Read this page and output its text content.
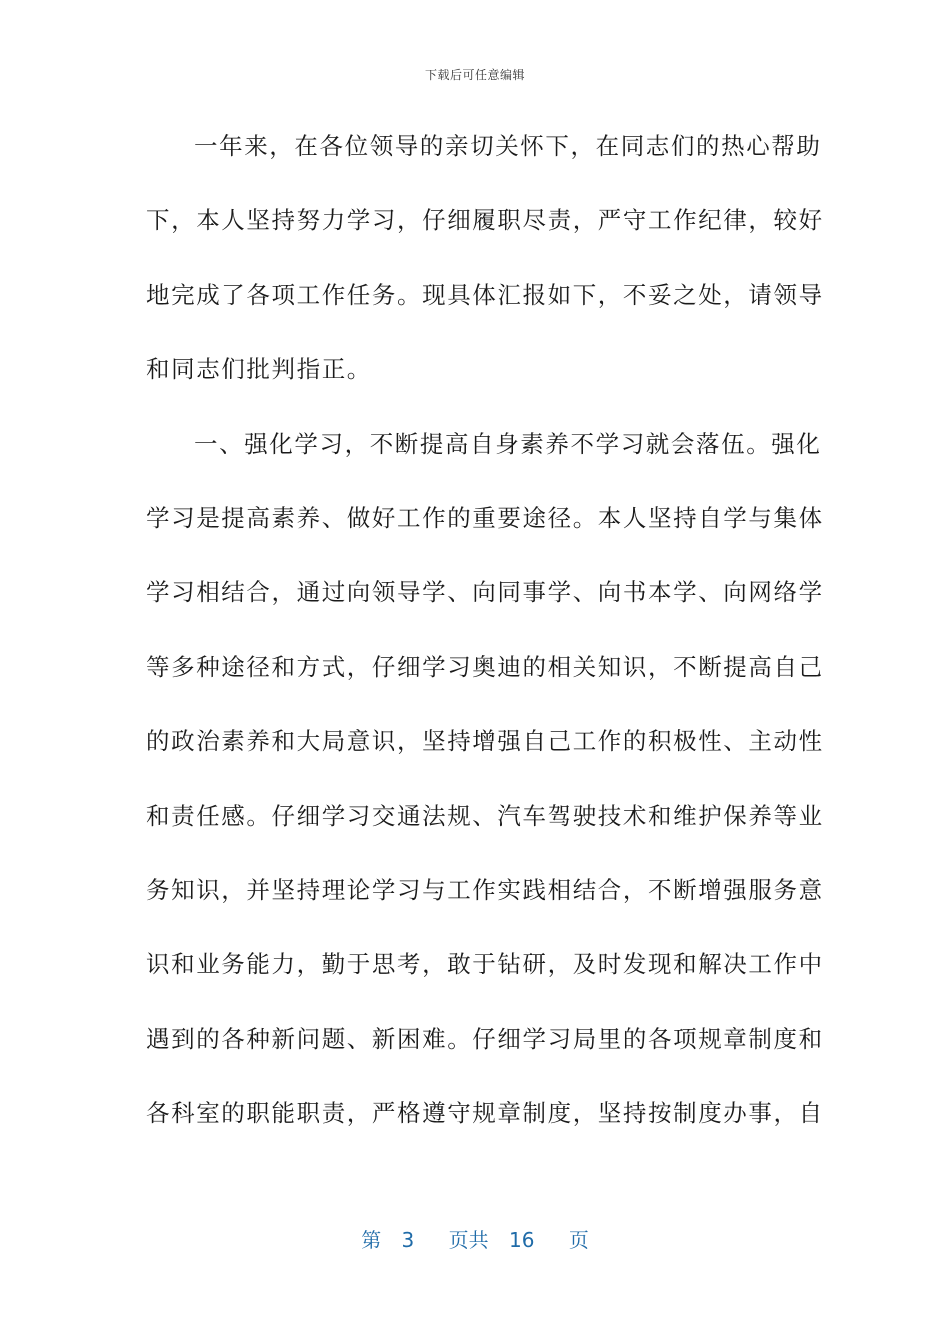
下载后可任意编辑
一年来，在各位领导的亲切关怀下，在同志们的热心帮助
下，本人坚持努力学习，仔细履职尽责，严守工作纪律，较好
地完成了各项工作任务。现具体汇报如下，不妥之处，请领导
和同志们批判指正。
一、强化学习，不断提高自身素养不学习就会落伍。强化
学习是提高素养、做好工作的重要途径。本人坚持自学与集体
学习相结合，通过向领导学、向同事学、向书本学、向网络学
等多种途径和方式，仔细学习奥迪的相关知识，不断提高自己
的政治素养和大局意识，坚持增强自己工作的积极性、主动性
和责任感。仔细学习交通法规、汽车驾驶技术和维护保养等业
务知识，并坚持理论学习与工作实践相结合，不断增强服务意
识和业务能力，勤于思考，敢于钻研，及时发现和解决工作中
遇到的各种新问题、新困难。仔细学习局里的各项规章制度和
各科室的职能职责，严格遵守规章制度，坚持按制度办事，自
第 3 页共 16 页
